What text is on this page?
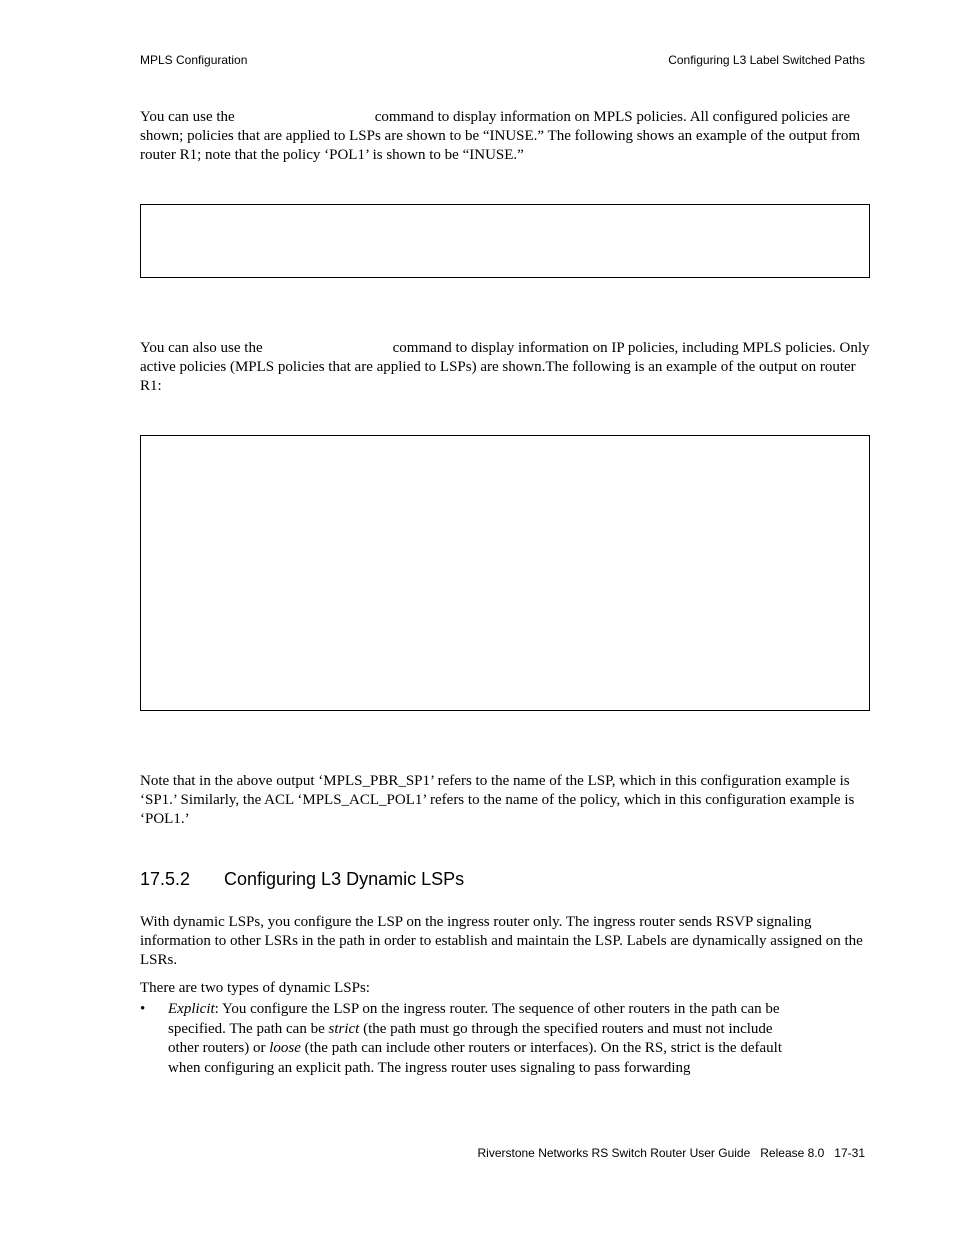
MPLS Configuration	Configuring L3 Label Switched Paths
You can use the	command to display information on MPLS policies. All configured policies are shown; policies that are applied to LSPs are shown to be “INUSE.” The following shows an example of the output from router R1; note that the policy ‘POL1’ is shown to be “INUSE.”
You can also use the	command to display information on IP policies, including MPLS policies. Only active policies (MPLS policies that are applied to LSPs) are shown.The following is an example of the output on router R1:
Note that in the above output ‘MPLS_PBR_SP1’ refers to the name of the LSP, which in this configuration example is ‘SP1.’ Similarly, the ACL ‘MPLS_ACL_POL1’ refers to the name of the policy, which in this configuration example is ‘POL1.’
17.5.2 Configuring L3 Dynamic LSPs
With dynamic LSPs, you configure the LSP on the ingress router only. The ingress router sends RSVP signaling information to other LSRs in the path in order to establish and maintain the LSP. Labels are dynamically assigned on the LSRs.
There are two types of dynamic LSPs:
• Explicit: You configure the LSP on the ingress router. The sequence of other routers in the path can be specified. The path can be strict (the path must go through the specified routers and must not include other routers) or loose (the path can include other routers or interfaces). On the RS, strict is the default when configuring an explicit path. The ingress router uses signaling to pass forwarding
Riverstone Networks RS Switch Router User Guide   Release 8.0   17-31
